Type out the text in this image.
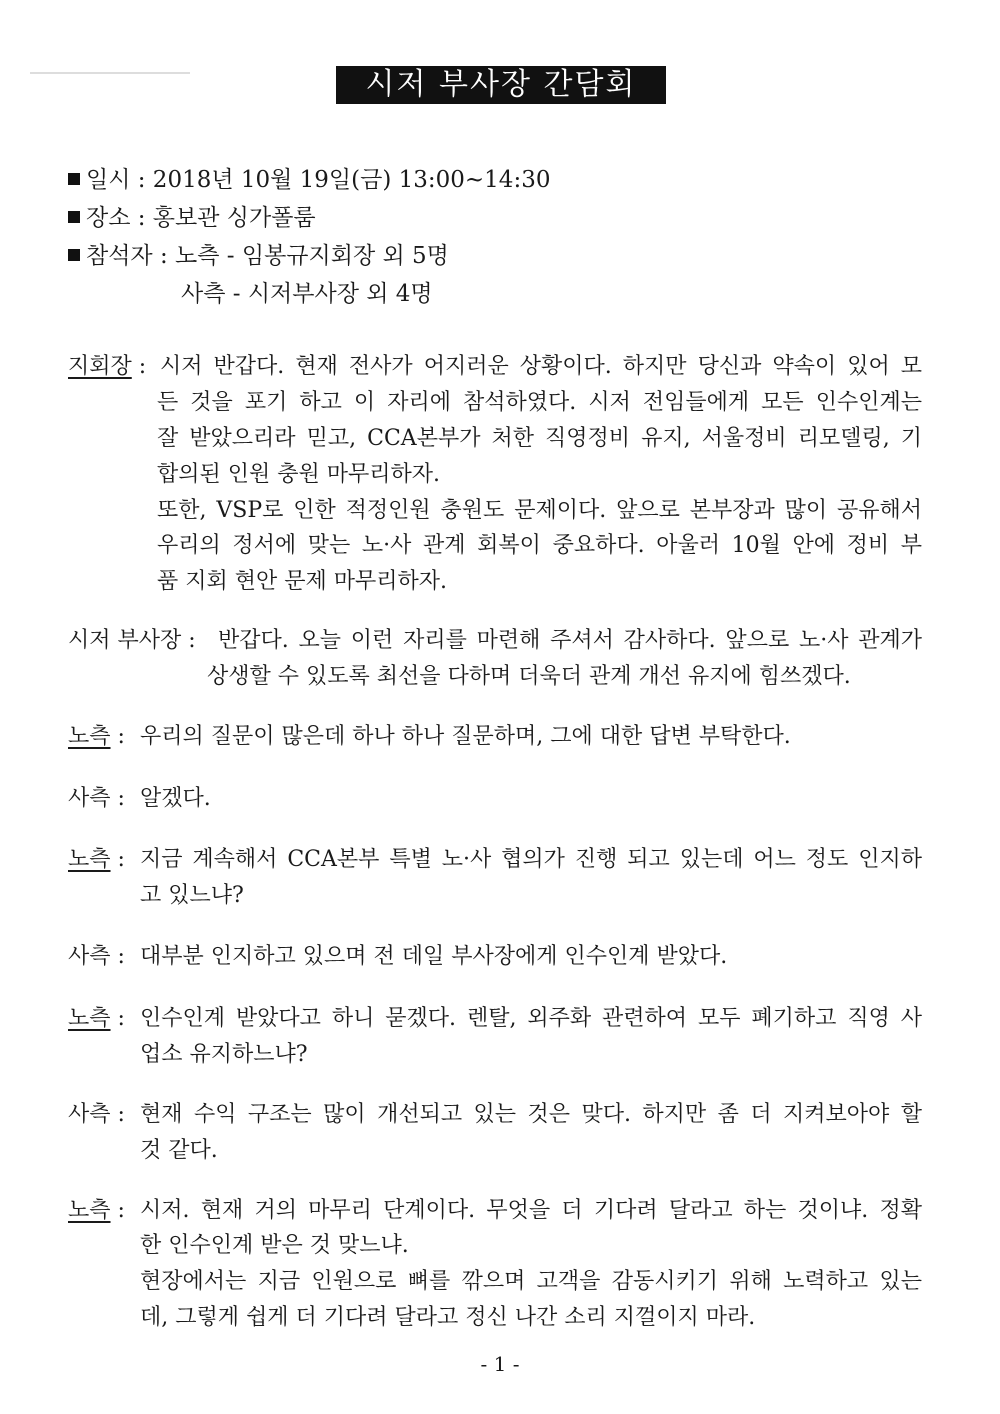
시저 부사장 간담회
일시 : 2018년 10월 19일(금) 13:00~14:30
장소 : 홍보관 싱가폴룸
참석자 : 노측 - 임봉규지회장 외 5명
사측 - 시저부사장 외 4명
지회장 : 시저 반갑다. 현재 전사가 어지러운 상황이다. 하지만 당신과 약속이 있어 모
든 것을 포기 하고 이 자리에 참석하였다. 시저 전임들에게 모든 인수인계는
잘 받았으리라 믿고, CCA본부가 처한 직영정비 유지, 서울정비 리모델링, 기
합의된 인원 충원 마무리하자.
또한, VSP로 인한 적정인원 충원도 문제이다. 앞으로 본부장과 많이 공유해서
우리의 정서에 맞는 노·사 관계 회복이 중요하다. 아울러 10월 안에 정비 부
품 지회 현안 문제 마무리하자.
시저 부사장 : 반갑다. 오늘 이런 자리를 마련해 주셔서 감사하다. 앞으로 노·사 관계가
상생할 수 있도록 최선을 다하며 더욱더 관계 개선 유지에 힘쓰겠다.
노측 : 우리의 질문이 많은데 하나 하나 질문하며, 그에 대한 답변 부탁한다.
사측 : 알겠다.
노측 : 지금 계속해서 CCA본부 특별 노·사 협의가 진행 되고 있는데 어느 정도 인지하
고 있느냐?
사측 : 대부분 인지하고 있으며 전 데일 부사장에게 인수인계 받았다.
노측 : 인수인계 받았다고 하니 묻겠다. 렌탈, 외주화 관련하여 모두 폐기하고 직영 사
업소 유지하느냐?
사측 : 현재 수익 구조는 많이 개선되고 있는 것은 맞다. 하지만 좀 더 지켜보아야 할
것 같다.
노측 : 시저. 현재 거의 마무리 단계이다. 무엇을 더 기다려 달라고 하는 것이냐. 정확
한 인수인계 받은 것 맞느냐.
현장에서는 지금 인원으로 뼈를 깎으며 고객을 감동시키기 위해 노력하고 있는
데, 그렇게 쉽게 더 기다려 달라고 정신 나간 소리 지껄이지 마라.
- 1 -
